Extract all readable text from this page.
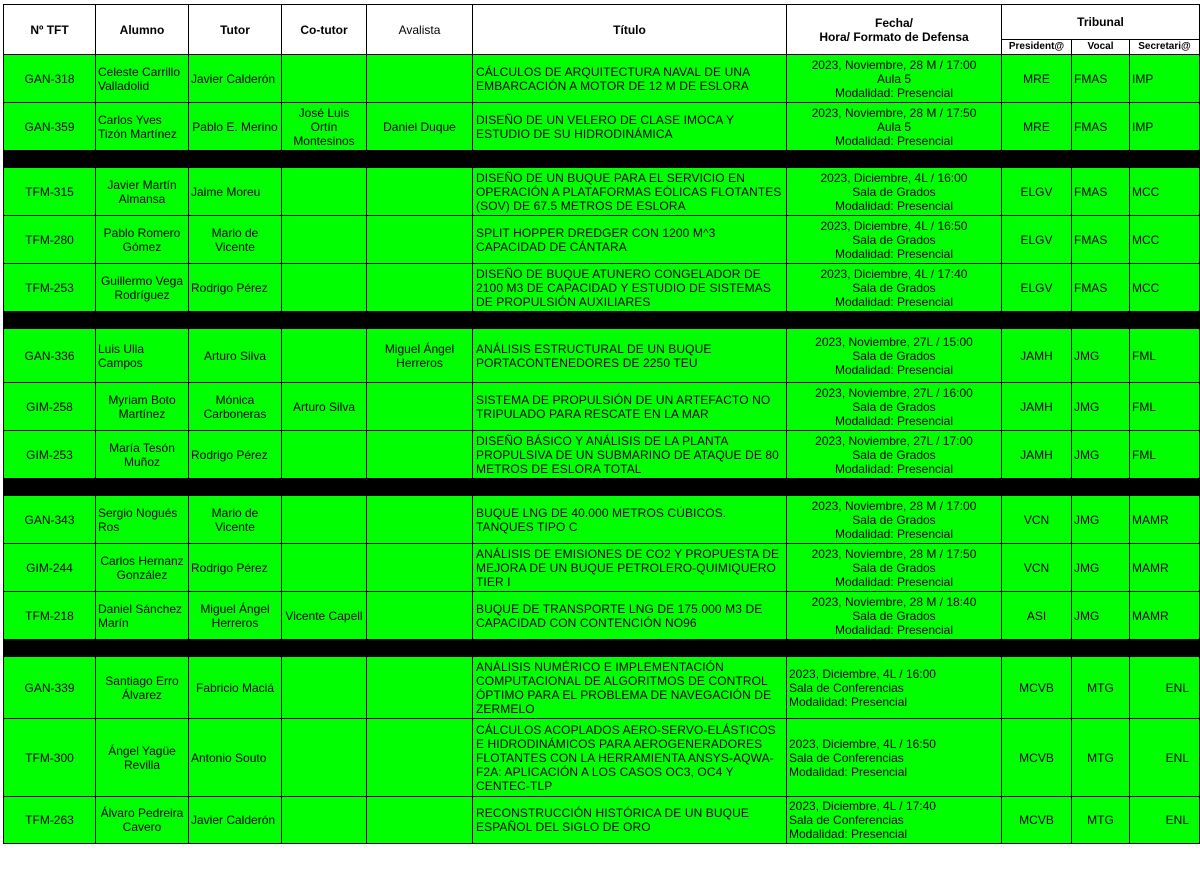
Nº TFT	Alumno	Tutor	Co-tutor	Avalista	Título	Fecha/
Hora/ Formato de Defensa	Tribunal		
							President@	Vocal	Secretari@
GAN-318	Celeste Carrillo Valladolid	Javier Calderón			CÁLCULOS DE ARQUITECTURA NAVAL DE UNA EMBARCACIÓN A MOTOR DE 12 M DE ESLORA	2023, Noviembre, 28 M / 17:00
Aula 5
Modalidad: Presencial	MRE	FMAS	IMP
GAN-359	Carlos Yves Tizón Martínez	Pablo E. Merino	José Luis Ortín Montesinos	Daniel Duque	DISEÑO DE UN VELERO DE CLASE IMOCA Y ESTUDIO DE SU HIDRODINÁMICA	2023, Noviembre, 28 M / 17:50
Aula 5
Modalidad: Presencial	MRE	FMAS	IMP

TFM-315	Javier Martín Almansa	Jaime Moreu			DISEÑO DE UN BUQUE PARA EL SERVICIO EN OPERACIÓN A PLATAFORMAS EÓLICAS FLOTANTES (SOV) DE 67.5 METROS DE ESLORA	2023, Diciembre, 4L / 16:00
Sala de Grados
Modalidad: Presencial	ELGV	FMAS	MCC
TFM-280	Pablo Romero Gómez	Mario de Vicente			SPLIT HOPPER DREDGER CON 1200 M^3 CAPACIDAD DE CÁNTARA	2023, Diciembre, 4L / 16:50
Sala de Grados
Modalidad: Presencial	ELGV	FMAS	MCC
TFM-253	Guillermo Vega Rodríguez	Rodrigo Pérez			DISEÑO DE BUQUE ATUNERO CONGELADOR DE 2100 M3 DE CAPACIDAD Y ESTUDIO DE SISTEMAS DE PROPULSIÓN AUXILIARES	2023, Diciembre, 4L / 17:40
Sala de Grados
Modalidad: Presencial	ELGV	FMAS	MCC

GAN-336	Luis Ulla Campos	Arturo Silva		Miguel Ángel Herreros	ANÁLISIS ESTRUCTURAL DE UN BUQUE PORTACONTENEDORES DE 2250 TEU	2023, Noviembre, 27L / 15:00
Sala de Grados
Modalidad: Presencial	JAMH	JMG	FML
GIM-258	Myriam Boto Martínez	Mónica Carboneras	Arturo Silva		SISTEMA DE PROPULSIÓN DE UN ARTEFACTO NO TRIPULADO PARA RESCATE EN LA MAR	2023, Noviembre, 27L / 16:00
Sala de Grados
Modalidad: Presencial	JAMH	JMG	FML
GIM-253	María Tesón Muñoz	Rodrigo Pérez			DISEÑO BÁSICO Y ANÁLISIS DE LA PLANTA PROPULSIVA DE UN SUBMARINO DE ATAQUE DE 80 METROS DE ESLORA TOTAL	2023, Noviembre, 27L / 17:00
Sala de Grados
Modalidad: Presencial	JAMH	JMG	FML

GAN-343	Sergio Nogués Ros	Mario de Vicente			BUQUE LNG DE 40.000 METROS CÚBICOS. TANQUES TIPO C	2023, Noviembre, 28 M / 17:00
Sala de Grados
Modalidad: Presencial	VCN	JMG	MAMR
GIM-244	Carlos Hernanz González	Rodrigo Pérez			ANÁLISIS DE EMISIONES DE CO2 Y PROPUESTA DE MEJORA DE UN BUQUE PETROLERO-QUIMIQUERO TIER I	2023, Noviembre, 28 M / 17:50
Sala de Grados
Modalidad: Presencial	VCN	JMG	MAMR
TFM-218	Daniel Sánchez Marín	Miguel Ángel Herreros	Vicente Capell		BUQUE DE TRANSPORTE LNG DE 175.000 M3 DE CAPACIDAD CON CONTENCIÓN NO96	2023, Noviembre, 28 M / 18:40
Sala de Grados
Modalidad: Presencial	ASI	JMG	MAMR

GAN-339	Santiago Erro Álvarez	Fabricio Maciá			ANÁLISIS NUMÉRICO E IMPLEMENTACIÓN COMPUTACIONAL DE ALGORITMOS DE CONTROL ÓPTIMO PARA EL PROBLEMA DE NAVEGACIÓN DE ZERMELO	2023, Diciembre, 4L / 16:00
Sala de Conferencias
Modalidad: Presencial	MCVB	MTG	ENL
TFM-300	Ángel Yagüe Revilla	Antonio Souto			CÁLCULOS ACOPLADOS AERO-SERVO-ELÁSTICOS E HIDRODINÁMICOS PARA AEROGENERADORES FLOTANTES CON LA HERRAMIENTA ANSYS-AQWA-F2A: APLICACIÓN A LOS CASOS OC3, OC4 Y CENTEC-TLP	2023, Diciembre, 4L / 16:50
Sala de Conferencias
Modalidad: Presencial	MCVB	MTG	ENL
TFM-263	Álvaro Pedreira Cavero	Javier Calderón			RECONSTRUCCIÓN HISTÓRICA DE UN BUQUE ESPAÑOL DEL SIGLO DE ORO	2023, Diciembre, 4L / 17:40
Sala de Conferencias
Modalidad: Presencial	MCVB	MTG	ENL
